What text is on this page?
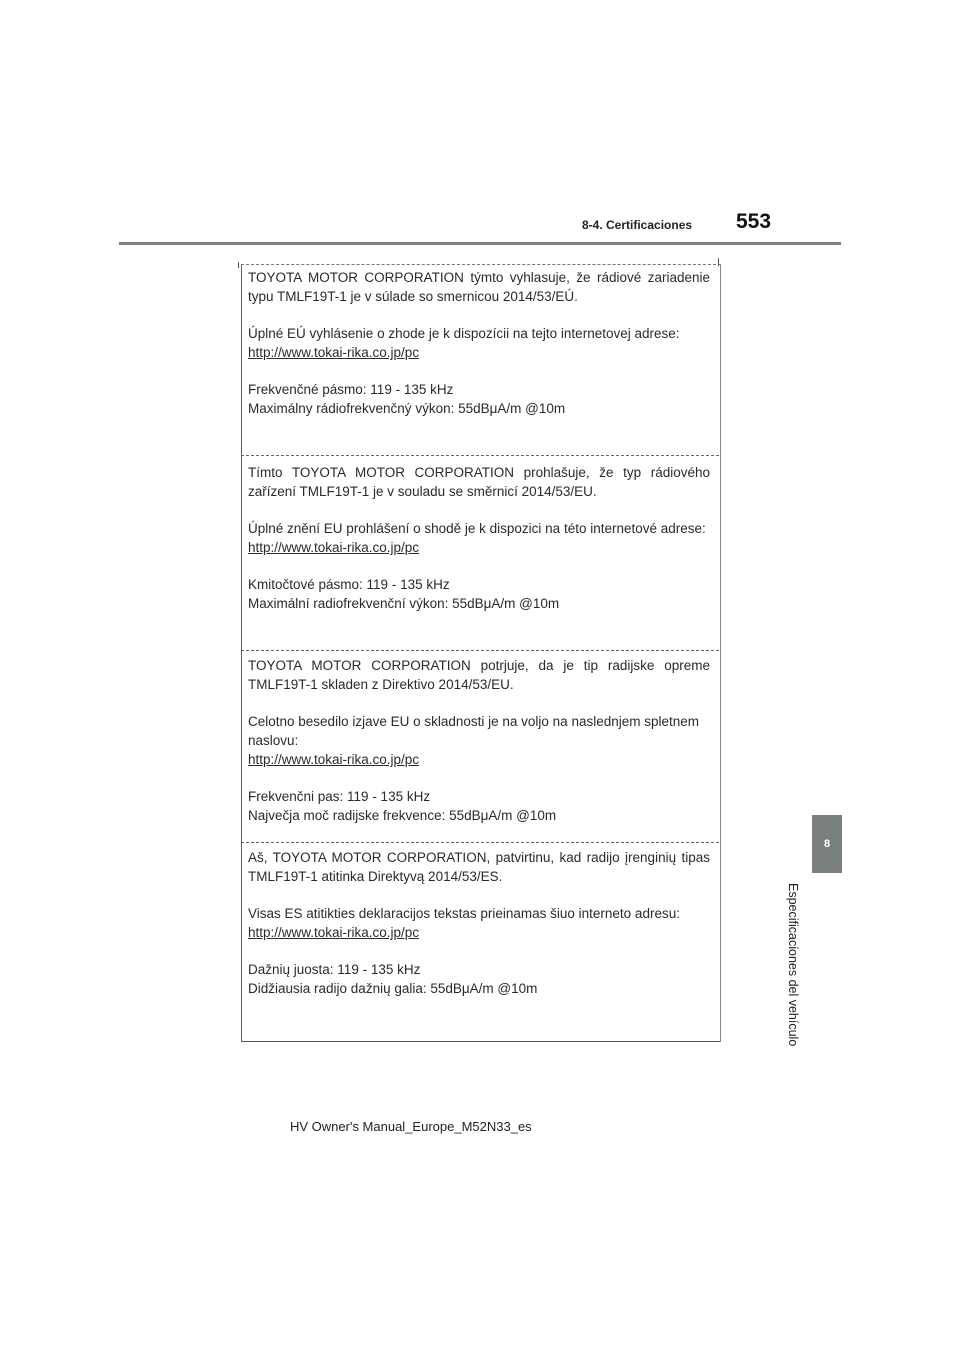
8-4. Certificaciones 553
TOYOTA MOTOR CORPORATION týmto vyhlasuje, že rádiové zariadenie typu TMLF19T-1 je v súlade so smernicou 2014/53/EÚ.
Úplné EÚ vyhlásenie o zhode je k dispozícii na tejto internetovej adrese:
http://www.tokai-rika.co.jp/pc
Frekvenčné pásmo: 119 - 135 kHz
Maximálny rádiofrekvenčný výkon: 55dBμA/m @10m
Tímto TOYOTA MOTOR CORPORATION prohlašuje, že typ rádiového zařízení TMLF19T-1 je v souladu se směrnicí 2014/53/EU.
Úplné znění EU prohlášení o shodě je k dispozici na této internetové adrese:
http://www.tokai-rika.co.jp/pc
Kmitočtové pásmo: 119 - 135 kHz
Maximální radiofrekvenční výkon: 55dBμA/m @10m
TOYOTA MOTOR CORPORATION potrjuje, da je tip radijske opreme TMLF19T-1 skladen z Direktivo 2014/53/EU.
Celotno besedilo izjave EU o skladnosti je na voljo na naslednjem spletnem naslovu:
http://www.tokai-rika.co.jp/pc
Frekvenčni pas: 119 - 135 kHz
Največja moč radijske frekvence: 55dBμA/m @10m
Aš, TOYOTA MOTOR CORPORATION, patvirtinu, kad radijo įrenginių tipas TMLF19T-1 atitinka Direktyvą 2014/53/ES.
Visas ES atitikties deklaracijos tekstas prieinamas šiuo interneto adresu:
http://www.tokai-rika.co.jp/pc
Dažnių juosta: 119 - 135 kHz
Didžiausia radijo dažnių galia: 55dBμA/m @10m
8
Especificaciones del vehículo
HV Owner's Manual_Europe_M52N33_es
